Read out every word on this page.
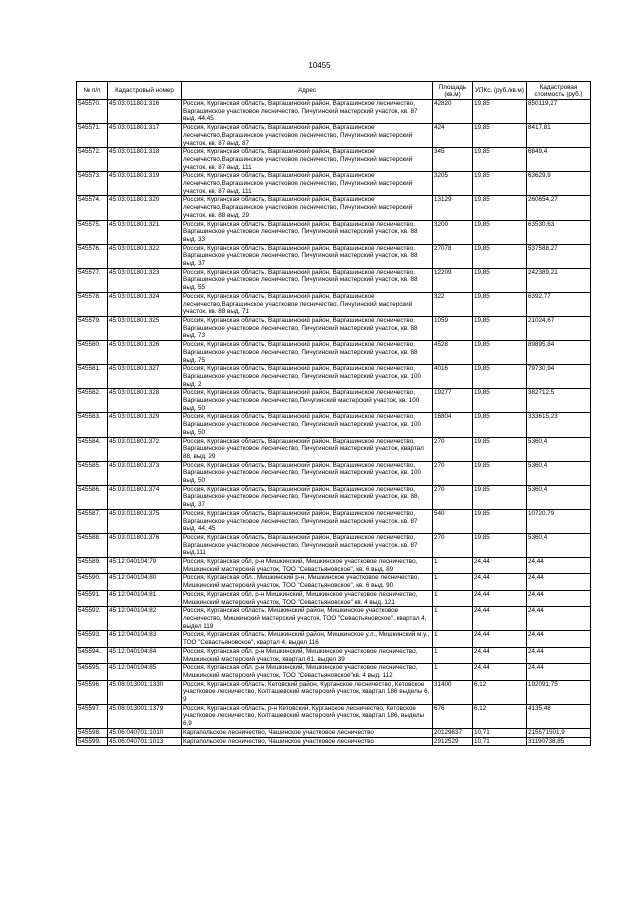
10455
№ п/п	Кадастровый номер	Адрес	Площадь (кв.м)	УПКс. (руб./кв.м)	Кадастровая стоимость (руб.)
545570.	45:03:011801:316	Россия, Курганская область, Варгашинский район, Варгашинское лесничество, Варгашинское участковое лесничество, Пичугинский мастерский участок, кв. 87 выд. 44,45	42820	19,85	850119,27
545571.	45:03:011801:317	Россия, Курганская область, Варгашинский район, Варгашинское лесничество,Варгашинское участковое лесничество, Пичугинский мастерский участок, кв. 87 выд. 87	424	19,85	8417,81
545572.	45:03:011801:318	Россия, Курганская область, Варгашинский район, Варгашинское лесничество,Варгашинское участковое лесничество, Пичугинский мастерский участок, кв. 87 выд. 111	345	19,85	6849,4
545573.	45:03:011801:319	Россия, Курганская область, Варгашинский район, Варгашинское лесничество,Варгашинское участковое лесничество, Пичугинский мастерский участок, кв. 87 выд. 111	3205	19,85	63629,9
545574.	45:03:011801:320	Россия, Курганская область, Варгашинский район, Варгашинское лесничество,Варгашинское участковое лесничество, Пичугинский мастерский участок, кв. 88 выд. 29	13129	19,85	260654,27
545575.	45:03:011801:321	Россия, Курганская область, Варгашинский район, Варгашинское лесничество, Варгашинское участковое лесничество, Пичугинский мастерский участок, кв. 88 выд. 33	3200	19,85	63530,63
545576.	45:03:011801:322	Россия, Курганская область, Варгашинский район, Варгашинское лесничество, Варгашинское участковое лесничество, Пичугинский мастерский участок, кв. 88 выд. 37	27078	19,85	537588,27
545577.	45:03:011801:323	Россия, Курганская область, Варгашинский район, Варгашинское лесничество, Варгашинское участковое лесничество, Пичугинский мастерский участок, кв. 88 выд. 55	12209	19,85	242389,21
545578.	45:03:011801:324	Россия, Курганская область, Варгашинский район, Варгашинское лесничество,Варгашинское участковое лесничество, Пичугинский мастерский участок, кв. 88 выд. 71	322	19,85	6392,77
545579.	45:03:011801:325	Россия, Курганская область, Варгашинский район, Варгашинское лесничество, Варгашинское участковое лесничество, Пичугинский мастерский участок, кв. 88 выд. 73	1059	19,85	21024,67
545580.	45:03:011801:326	Россия, Курганская область, Варгашинский район, Варгашинское лесничество, Варгашинское участковое лесничество, Пичугинский мастерский участок, кв. 88 выд. 75	4528	19,85	89895,84
545581.	45:03:011801:327	Россия, Курганская область, Варгашинский район, Варгашинское лесничество, Варгашинское участковое лесничество, Пичугинский мастерский участок, кв. 100 выд. 2	4016	19,85	79730,94
545582.	45:03:011801:328	Россия, Курганская область, Варгашинский район, Варгашинское лесничество, Варгашинское участковое лесничество,Пичугинский мастерский участок, кв. 100 выд. 50	19277	19,85	382712,5
545583.	45:03:011801:329	Россия, Курганская область, Варгашинский район, Варгашинское лесничество, Варгашинское участковое лесничество, Пичугинский мастерский участок, кв. 100 выд. 50	16804	19,85	333615,23
545584.	45:03:011801:372	Россия, Курганская область, Варгашинский район, Варгашинское лесничество, Варгашинское участковое лесничество, Пичугинский мастерский участок, квартал 88, выд. 29	270	19,85	5360,4
545585.	45:03:011801:373	Россия, Курганская область, Варгашинский район, Варгашинское лесничество, Варгашинское участковое лесничество, Пичугинский мастерский участок, кв. 100 выд. 50	270	19,85	5360,4
545586.	45:03:011801:374	Россия, Курганская область, Варгашинский район, Варгашинское лесничество, Варгашинское участковое лесничество, Пичугинский мастерский участок, кв. 88, выд. 37	270	19,85	5360,4
545587.	45:03:011801:375	Россия, Курганская область, Варгашинский район, Варгашинское лесничество, Варгашинское участковое лесничество, Пичугинский мастерский участок, кв. 87 выд. 44, 45	540	19,85	10720,79
545588.	45:03:011801:376	Россия, Курганская область, Варгашинский район, Варгашинское лесничество, Варгашинское участковое лесничество, Пичугинский мастерский участок, кв. 87 выд.111	270	19,85	5360,4
545589.	45:12:040104:79	Россия, Курганская обл, р-н Мишкинский, Мишкинское участковое лесничество, Мишкинский мастерский участок, ТОО "Севастьяновское", кв. 6 выд. 89	1	24,44	24,44
545590.	45:12:040104:80	Россия, Курганская обл., Мишкинский р-н, Мишкинское участковое лесничество, Мишкинский мастерский участок, ТОО "Севастьяновское", кв. 6 выд. 90	1	24,44	24,44
545591.	45:12:040104:81	Россия, Курганская обл, р-н Мишкинский, Мишкинское участковое лесничество, Мишкинский мастерский участок, ТОО "Севастьяновское" кв. 4 выд. 121	1	24,44	24,44
545592.	45:12:040104:82	Россия, Курганская область, Мишкинский район, Мишкинское участковое лесничество, Мишкинский мастерский участок, ТОО "Севастьяновское", квартал 4, выдел 119	1	24,44	24,44
545593.	45:12:040104:83	Россия, Курганская область, Мишкинский район, Мишкинское у.л., Мишкинский м.у., ТОО "Севастьяновское", квартал 4, выдел 116	1	24,44	24,44
545594.	45:12:040104:84	Россия, Курганская обл, р-н Мишкинский, Мишкинское участковое лесничество, Мишкинский мастерский участок, квартал 61, выдел 39	1	24,44	24,44
545595.	45:12:040104:85	Россия, Курганская обл, р-н Мишкинский, Мишкинское участковое лесничество, Мишкинский мастерский участок, ТОО "Севастьяновское"кв. 4 выд. 112	1	24,44	24,44
545596.	45:08:013001:1330	Россия, Курганская область, Кетовский район, Курганское лесничество, Кетовское участковое лесничество, Колташевский мастерский участок, квартал 186 выделы 6, 9	31400	6,12	192091,75
545597.	45:08:013001:1379	Россия, Курганская область, р-н Кетовский, Курганское лесничество, Кетовское участковое лесничество, Колташевский мастерский участок, квартал 186, выделы 6,9	676	6,12	4135,48
545598.	45:06:040701:1010	Каргапольское лесничество, Чашинское участковое лесничество	20129637	10,71	215571501,9
545599.	45:06:040701:1013	Каргапольское лесничество, Чашинское участковое лесничество	2912529	10,71	31190738,85
